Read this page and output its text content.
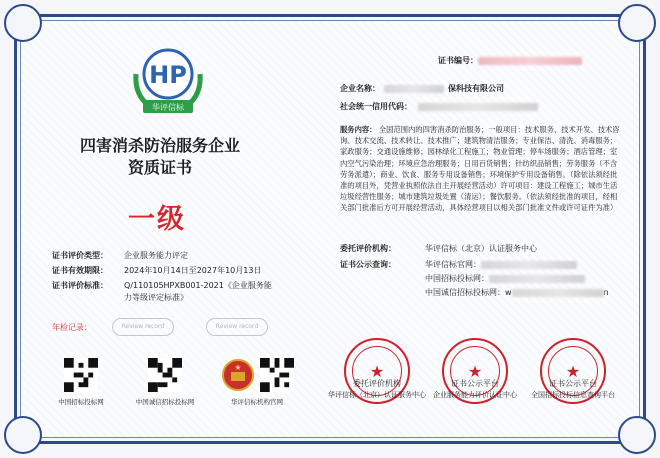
HP
华评信标
四害消杀防治服务企业
资质证书
一级
证书评价类型： 企业服务能力评定
证书有效期限： 2024年10月14日至2027年10月13日
证书评价标准： Q/110105HPXB001-2021《企业服务能
力等级评定标准》
年检记录：	Review record	Review record
★
中国招标投标网	中国诚信招标投标网	华评信标机构官网
证书编号：
企业名称：	保科技有限公司
社会统一信用代码：
服务内容： 全国范围内的四害消杀防治服务；一般项目：技术服务、技术开发、技术咨询、技术交流、技术转让、技术推广；建筑物清洁服务；专业保洁、清洗、消毒服务；家政服务；交通设施维修；园林绿化工程施工；物业管理；停车场服务；酒店管理；室内空气污染治理；环境应急治理服务；日用百货销售；针纺织品销售；劳务服务（不含劳务派遣）；商业、饮食、服务专用设备销售；环境保护专用设备销售。（除依法须经批准的项目外，凭营业执照依法自主开展经营活动）许可项目：建设工程施工；城市生活垃圾经营性服务；城市建筑垃圾处置（清运）；餐饮服务。（依法须经批准的项目，经相关部门批准后方可开展经营活动，具体经营项目以相关部门批准文件或许可证件为准）
委托评价机构：	华评信标（北京）认证服务中心
证书公示查询：	华评信标官网：
中国招标投标网：
中国诚信招标投标网：w	n
★	★	★
委托评价机构
华评信标（北京）认证服务中心
证书公示平台
企业服务能力评价认证中心
证书公示平台
全国招标投标信息查询平台
